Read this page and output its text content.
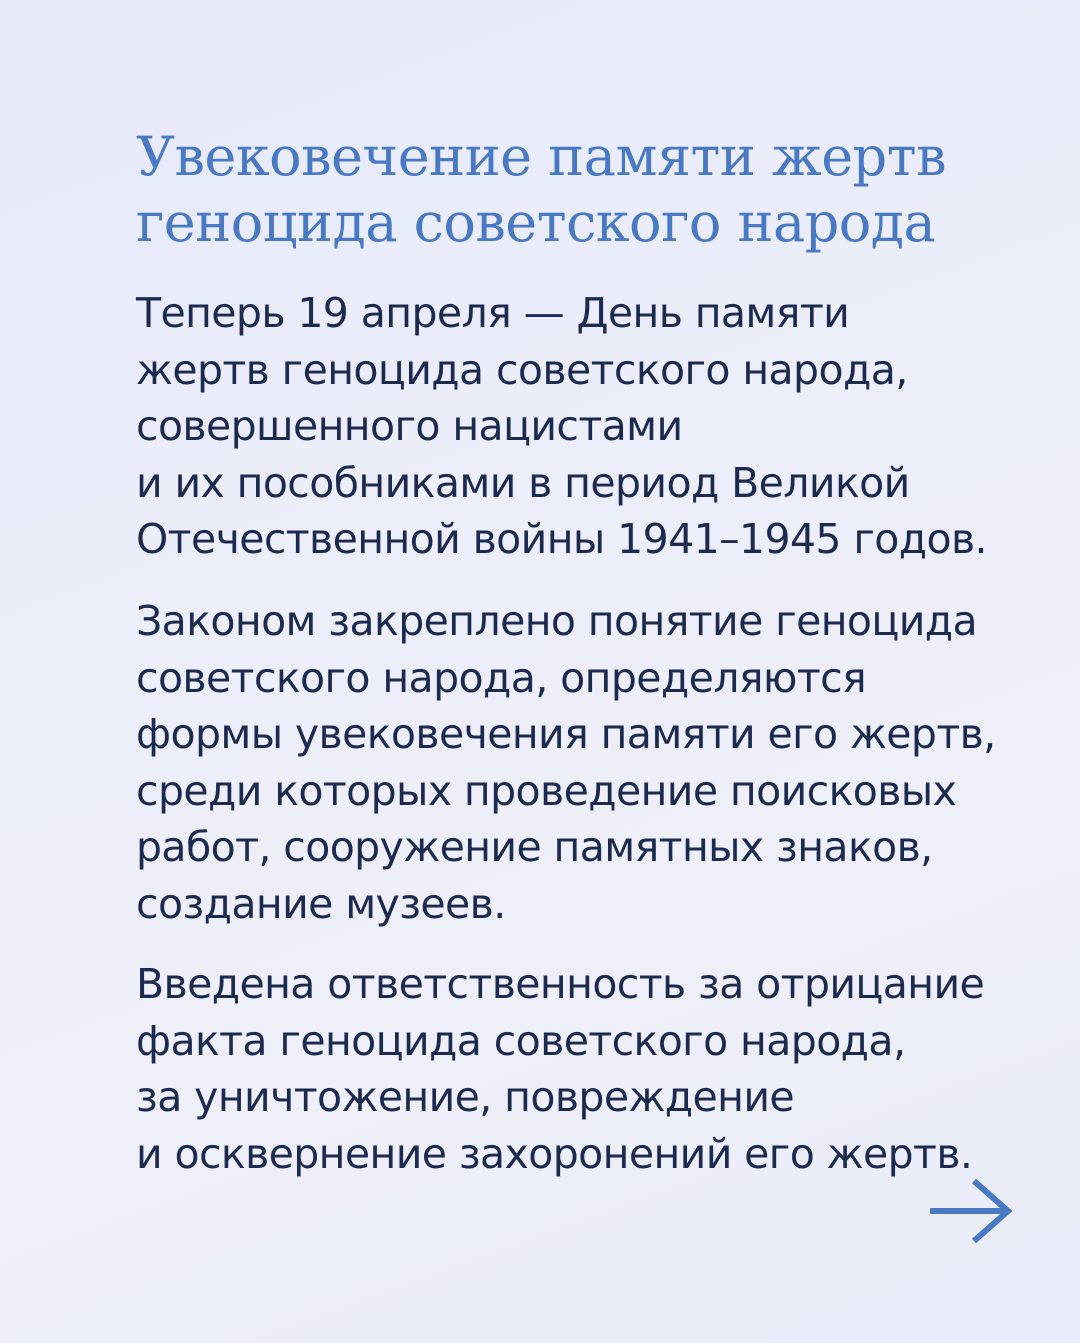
Увековечение памяти жертв
геноцида советского народа

Теперь 19 апреля — День памяти
жертв геноцида советского народа,
совершенного нацистами
и их пособниками в период Великой
Отечественной войны 1941–1945 годов.

Законом закреплено понятие геноцида
советского народа, определяются
формы увековечения памяти его жертв,
среди которых проведение поисковых
работ, сооружение памятных знаков,
создание музеев.

Введена ответственность за отрицание
факта геноцида советского народа,
за уничтожение, повреждение
и осквернение захоронений его жертв.
